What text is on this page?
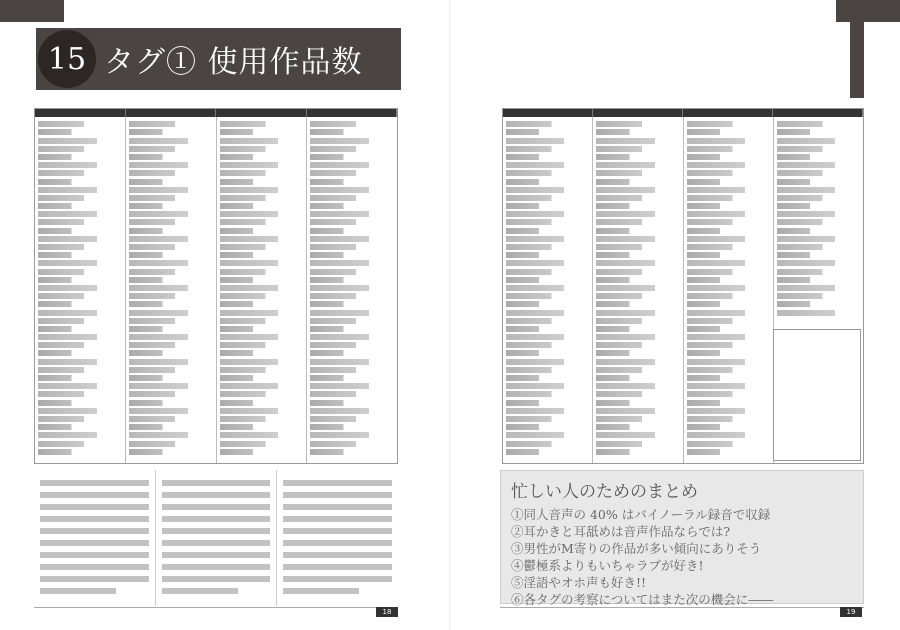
15 タグ① 使用作品数
忙しい人のためのまとめ
①同人音声の 40% はバイノーラル録音で収録
②耳かきと耳舐めは音声作品ならでは?
③男性がM寄りの作品が多い傾向にありそう
④鬱極系よりもいちゃラブが好き!
⑤淫語やオホ声も好き!!
⑥各タグの考察についてはまた次の機会に――
18	19
